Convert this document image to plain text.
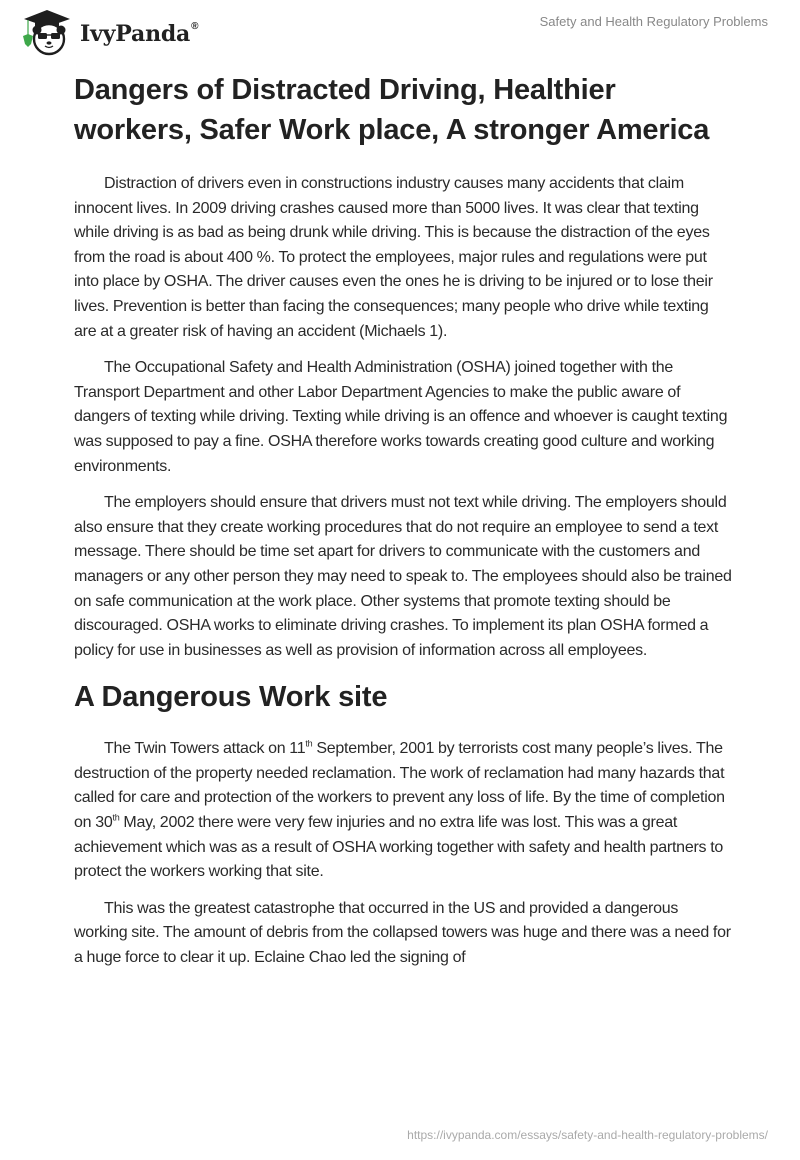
IvyPanda®	Safety and Health Regulatory Problems
Dangers of Distracted Driving, Healthier workers, Safer Work place, A stronger America

Distraction of drivers even in constructions industry causes many accidents that claim innocent lives. In 2009 driving crashes caused more than 5000 lives. It was clear that texting while driving is as bad as being drunk while driving. This is because the distraction of the eyes from the road is about 400 %. To protect the employees, major rules and regulations were put into place by OSHA. The driver causes even the ones he is driving to be injured or to lose their lives. Prevention is better than facing the consequences; many people who drive while texting are at a greater risk of having an accident (Michaels 1).

The Occupational Safety and Health Administration (OSHA) joined together with the Transport Department and other Labor Department Agencies to make the public aware of dangers of texting while driving. Texting while driving is an offence and whoever is caught texting was supposed to pay a fine. OSHA therefore works towards creating good culture and working environments.

The employers should ensure that drivers must not text while driving. The employers should also ensure that they create working procedures that do not require an employee to send a text message. There should be time set apart for drivers to communicate with the customers and managers or any other person they may need to speak to. The employees should also be trained on safe communication at the work place. Other systems that promote texting should be discouraged. OSHA works to eliminate driving crashes. To implement its plan OSHA formed a policy for use in businesses as well as provision of information across all employees.

A Dangerous Work site

The Twin Towers attack on 11th September, 2001 by terrorists cost many people’s lives. The destruction of the property needed reclamation. The work of reclamation had many hazards that called for care and protection of the workers to prevent any loss of life. By the time of completion on 30th May, 2002 there were very few injuries and no extra life was lost. This was a great achievement which was as a result of OSHA working together with safety and health partners to protect the workers working that site.

This was the greatest catastrophe that occurred in the US and provided a dangerous working site. The amount of debris from the collapsed towers was huge and there was a need for a huge force to clear it up. Eclaine Chao led the signing of

https://ivypanda.com/essays/safety-and-health-regulatory-problems/
